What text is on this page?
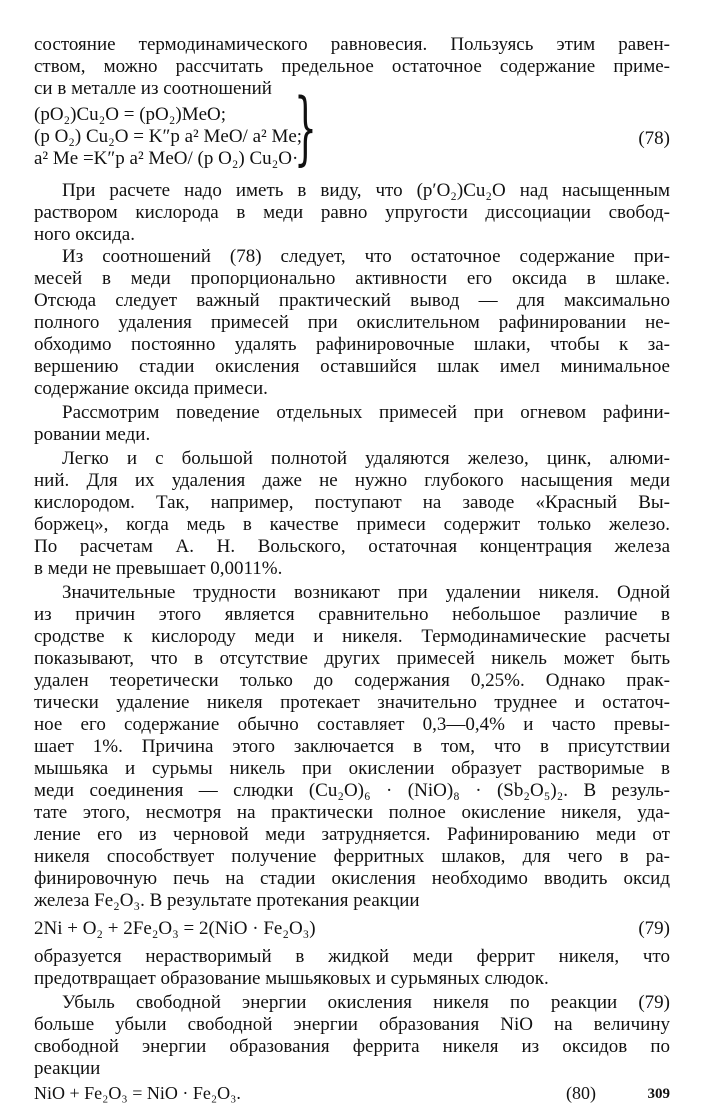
состояние термодинамического равновесия. Пользуясь этим равен-
ством, можно рассчитать предельное остаточное содержание приме-
си в металле из соотношений
(pO₂)Cu₂O = (pO₂)MeO;
(p O₂) Cu₂O = K″p a² MeO/ a² Me;
a² Me =K″p a² MeO/ (p O₂) Cu₂O·
}	(78)
При расчете надо иметь в виду, что (p′O₂)Cu₂O над насыщенным
раствором кислорода в меди равно упругости диссоциации свобод-
ного оксида.
Из соотношений (78) следует, что остаточное содержание при-
месей в меди пропорционально активности его оксида в шлаке.
Отсюда следует важный практический вывод — для максимально
полного удаления примесей при окислительном рафинировании не-
обходимо постоянно удалять рафинировочные шлаки, чтобы к за-
вершению стадии окисления оставшийся шлак имел минимальное
содержание оксида примеси.
Рассмотрим поведение отдельных примесей при огневом рафини-
ровании меди.
Легко и с большой полнотой удаляются железо, цинк, алюми-
ний. Для их удаления даже не нужно глубокого насыщения меди
кислородом. Так, например, поступают на заводе «Красный Вы-
боржец», когда медь в качестве примеси содержит только железо.
По расчетам А. Н. Вольского, остаточная концентрация железа
в меди не превышает 0,0011%.
Значительные трудности возникают при удалении никеля. Одной
из причин этого является сравнительно небольшое различие в
сродстве к кислороду меди и никеля. Термодинамические расчеты
показывают, что в отсутствие других примесей никель может быть
удален теоретически только до содержания 0,25%. Однако прак-
тически удаление никеля протекает значительно труднее и остаточ-
ное его содержание обычно составляет 0,3—0,4% и часто превы-
шает 1%. Причина этого заключается в том, что в присутствии
мышьяка и сурьмы никель при окислении образует растворимые в
меди соединения — слюдки (Cu₂O)₆ · (NiO)₈ · (Sb₂O₅)₂. В резуль-
тате этого, несмотря на практически полное окисление никеля, уда-
ление его из черновой меди затрудняется. Рафинированию меди от
никеля способствует получение ферритных шлаков, для чего в ра-
финировочную печь на стадии окисления необходимо вводить оксид
железа Fe₂O₃. В результате протекания реакции
2Ni + O₂ + 2Fe₂O₃ = 2(NiO · Fe₂O₃)	(79)
образуется нерастворимый в жидкой меди феррит никеля, что
предотвращает образование мышьяковых и сурьмяных слюдок.
Убыль свободной энергии окисления никеля по реакции (79)
больше убыли свободной энергии образования NiO на величину
свободной энергии образования феррита никеля из оксидов по
реакции
NiO + Fe₂O₃ = NiO · Fe₂O₃.	(80)	309
